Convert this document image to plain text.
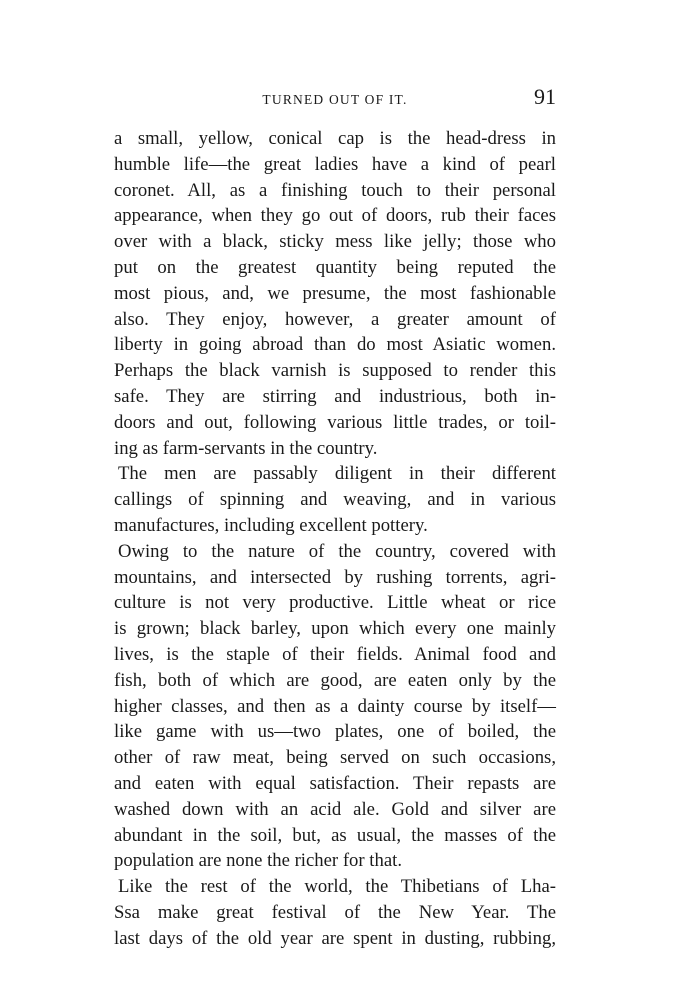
TURNED OUT OF IT.	91

a small, yellow, conical cap is the head-dress in
humble life—the great ladies have a kind of pearl
coronet. All, as a finishing touch to their personal
appearance, when they go out of doors, rub their faces
over with a black, sticky mess like jelly; those who
put on the greatest quantity being reputed the
most pious, and, we presume, the most fashionable
also. They enjoy, however, a greater amount of
liberty in going abroad than do most Asiatic women.
Perhaps the black varnish is supposed to render this
safe. They are stirring and industrious, both in-
doors and out, following various little trades, or toil-
ing as farm-servants in the country.

The men are passably diligent in their different
callings of spinning and weaving, and in various
manufactures, including excellent pottery.

Owing to the nature of the country, covered with
mountains, and intersected by rushing torrents, agri-
culture is not very productive. Little wheat or rice
is grown; black barley, upon which every one mainly
lives, is the staple of their fields. Animal food and
fish, both of which are good, are eaten only by the
higher classes, and then as a dainty course by itself—
like game with us—two plates, one of boiled, the
other of raw meat, being served on such occasions,
and eaten with equal satisfaction. Their repasts are
washed down with an acid ale. Gold and silver are
abundant in the soil, but, as usual, the masses of the
population are none the richer for that.

Like the rest of the world, the Thibetians of Lha-
Ssa make great festival of the New Year. The
last days of the old year are spent in dusting, rubbing,
